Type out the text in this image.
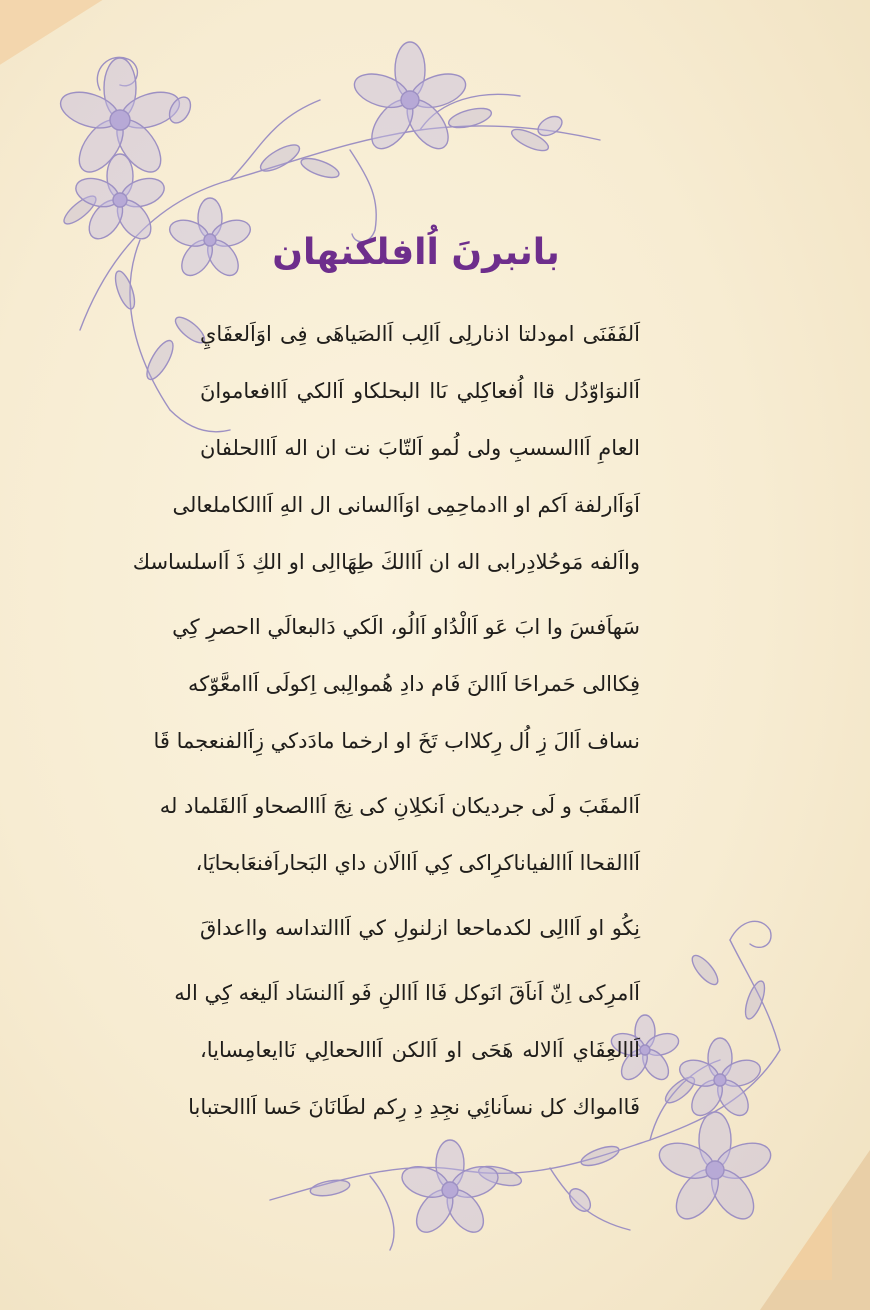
بانبرنَ اُافلكنهان
اَلفَفَنَى امودلتا اذنارلِى اَالِب اَالصَياهَى فِى اوَاَلعفَايِ
اَالنوَاوّدُل قاا اُفعاكِلي ىَاا البحلكاو اَالكي اَاافعاموانَ
العامِ اَاالسسبِ ولى لُمو اَلتّابَ نت ان اله اَاالحلفان
اَوَاَارلفة اَكم او اادماحِمِى اوَاَالسانى ال الهِ اَاالكاملعالى
وااَلفه مَوحُلادِرابى اله ان اَاالكَ طِهَاالِى او الكِ ذَ اَاسلساسك
سَهاَفسَ وا ابَ عَو اَالْدُاو اَالُو، الَكي دَالبعالَي ااحصرِ كِي
فِكاالى حَمراحَا اَاالنَ فَام دادِ هُموالِبى اِكولَى اَاامعَّوّكه
نساف اَالَ زِ اُل رِكلااب تَخَ او ارخما مادَدكي زِاَالفنعجما قَا
اَالمقَبَ و لَى جرديكان اَنكلِانِ كى نِجَ اَاالصحاو اَالقَلماد له
اَاالقحاا اَاالفياناكرِاكى كِي اَاالَان داي البَحاراَفنعَابحايَا،
نِكُو او اَاالِى لكدماحعا ازلنولِ كي اَاالتداسه وااعداقَ
اَامرِكى اِنّ اَناَقَ انَوكل فَاا اَاالنِ فَو اَالنسَاد اَليغه كِي اله
اَاالعِفَاي اَالاله هَحَى او اَالكن اَاالحعالِي نَاايعامِسايا،
فَاامواك كل نساَنائِي نجِدِ دِ رِكم لطَانَانَ حَسا اَاالحتبابا
